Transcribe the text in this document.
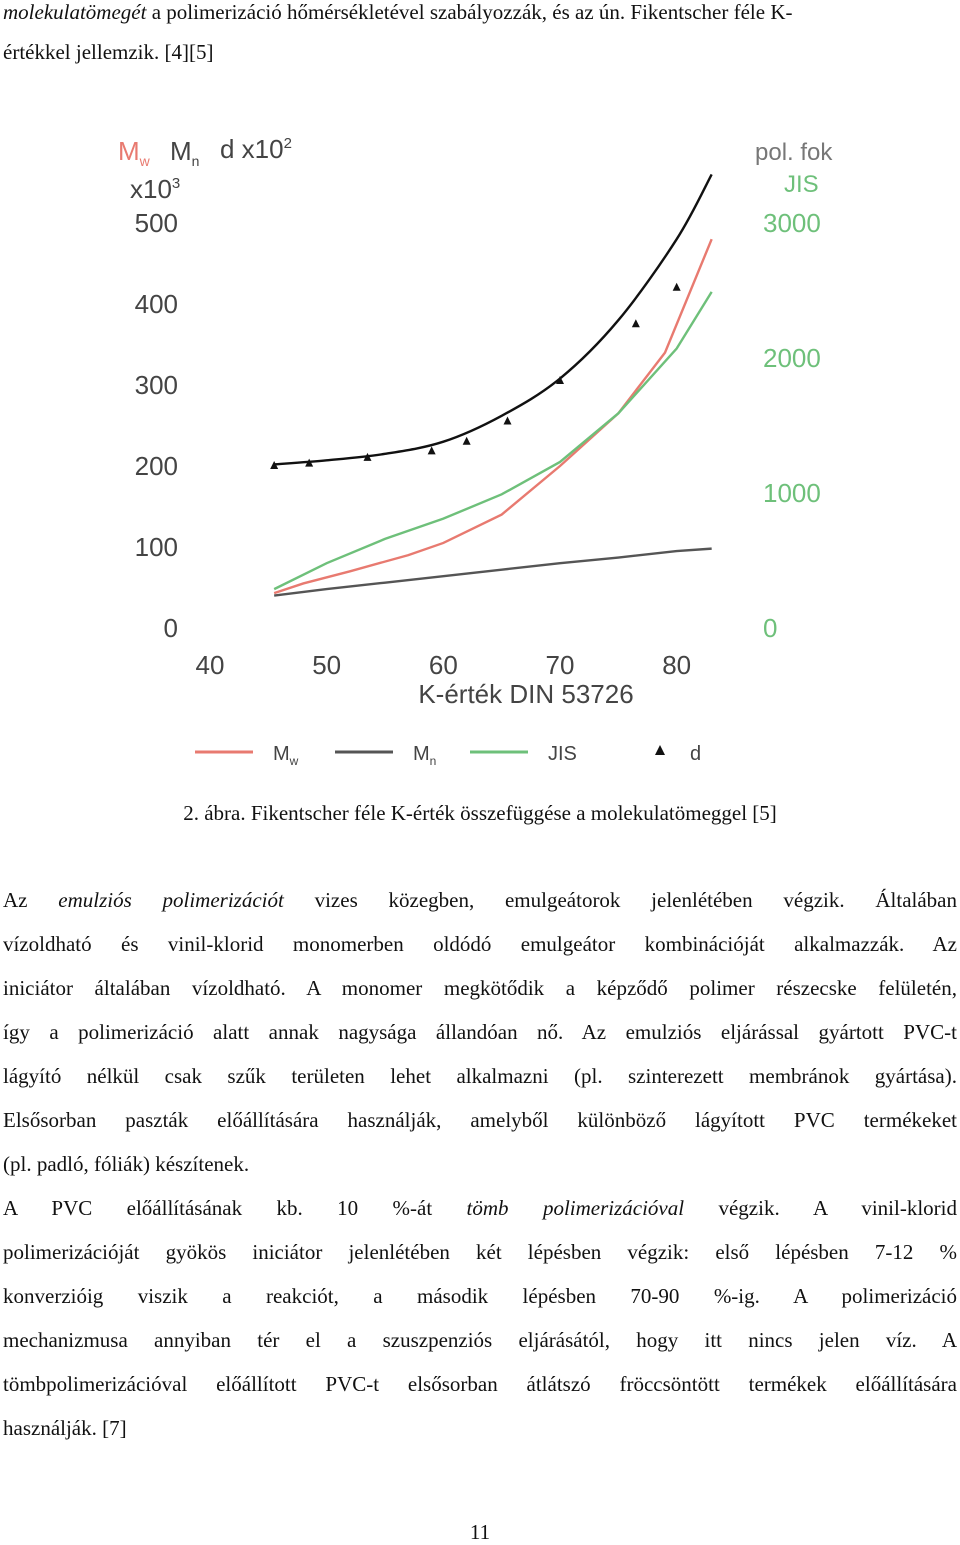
molekulatömegét a polimerizáció hőmérsékletével szabályozzák, és az ún. Fikentscher féle K-
értékkel jellemzik. [4][5]
$M_w$ $M_n$ d $x10^2$
$x10^3$
pol. fok
JIS
0
100
200
300
400
500
0
1000
2000
3000
40	50	60	70	80
K-érték DIN 53726
$M_w$	$M_n$	JIS	d
2. ábra. Fikentscher féle K-érték összefüggése a molekulatömeggel [5]
Az emulziós polimerizációt vizes közegben, emulgeátorok jelenlétében végzik. Általában
vízoldható és vinil-klorid monomerben oldódó emulgeátor kombinációját alkalmazzák. Az
iniciátor általában vízoldható. A monomer megkötődik a képződő polimer részecske felületén,
így a polimerizáció alatt annak nagysága állandóan nő. Az emulziós eljárással gyártott PVC-t
lágyító nélkül csak szűk területen lehet alkalmazni (pl. szinterezett membránok gyártása).
Elsősorban paszták előállítására használják, amelyből különböző lágyított PVC termékeket
(pl. padló, fóliák) készítenek.
A PVC előállításának kb. 10 %-át tömb polimerizációval végzik. A vinil-klorid
polimerizációját gyökös iniciátor jelenlétében két lépésben végzik: első lépésben 7-12 %
konverzióig viszik a reakciót, a második lépésben 70-90 %-ig. A polimerizáció
mechanizmusa annyiban tér el a szuszpenziós eljárásától, hogy itt nincs jelen víz. A
tömbpolimerizációval előállított PVC-t elsősorban átlátszó fröccsöntött termékek előállítására
használják. [7]
11
